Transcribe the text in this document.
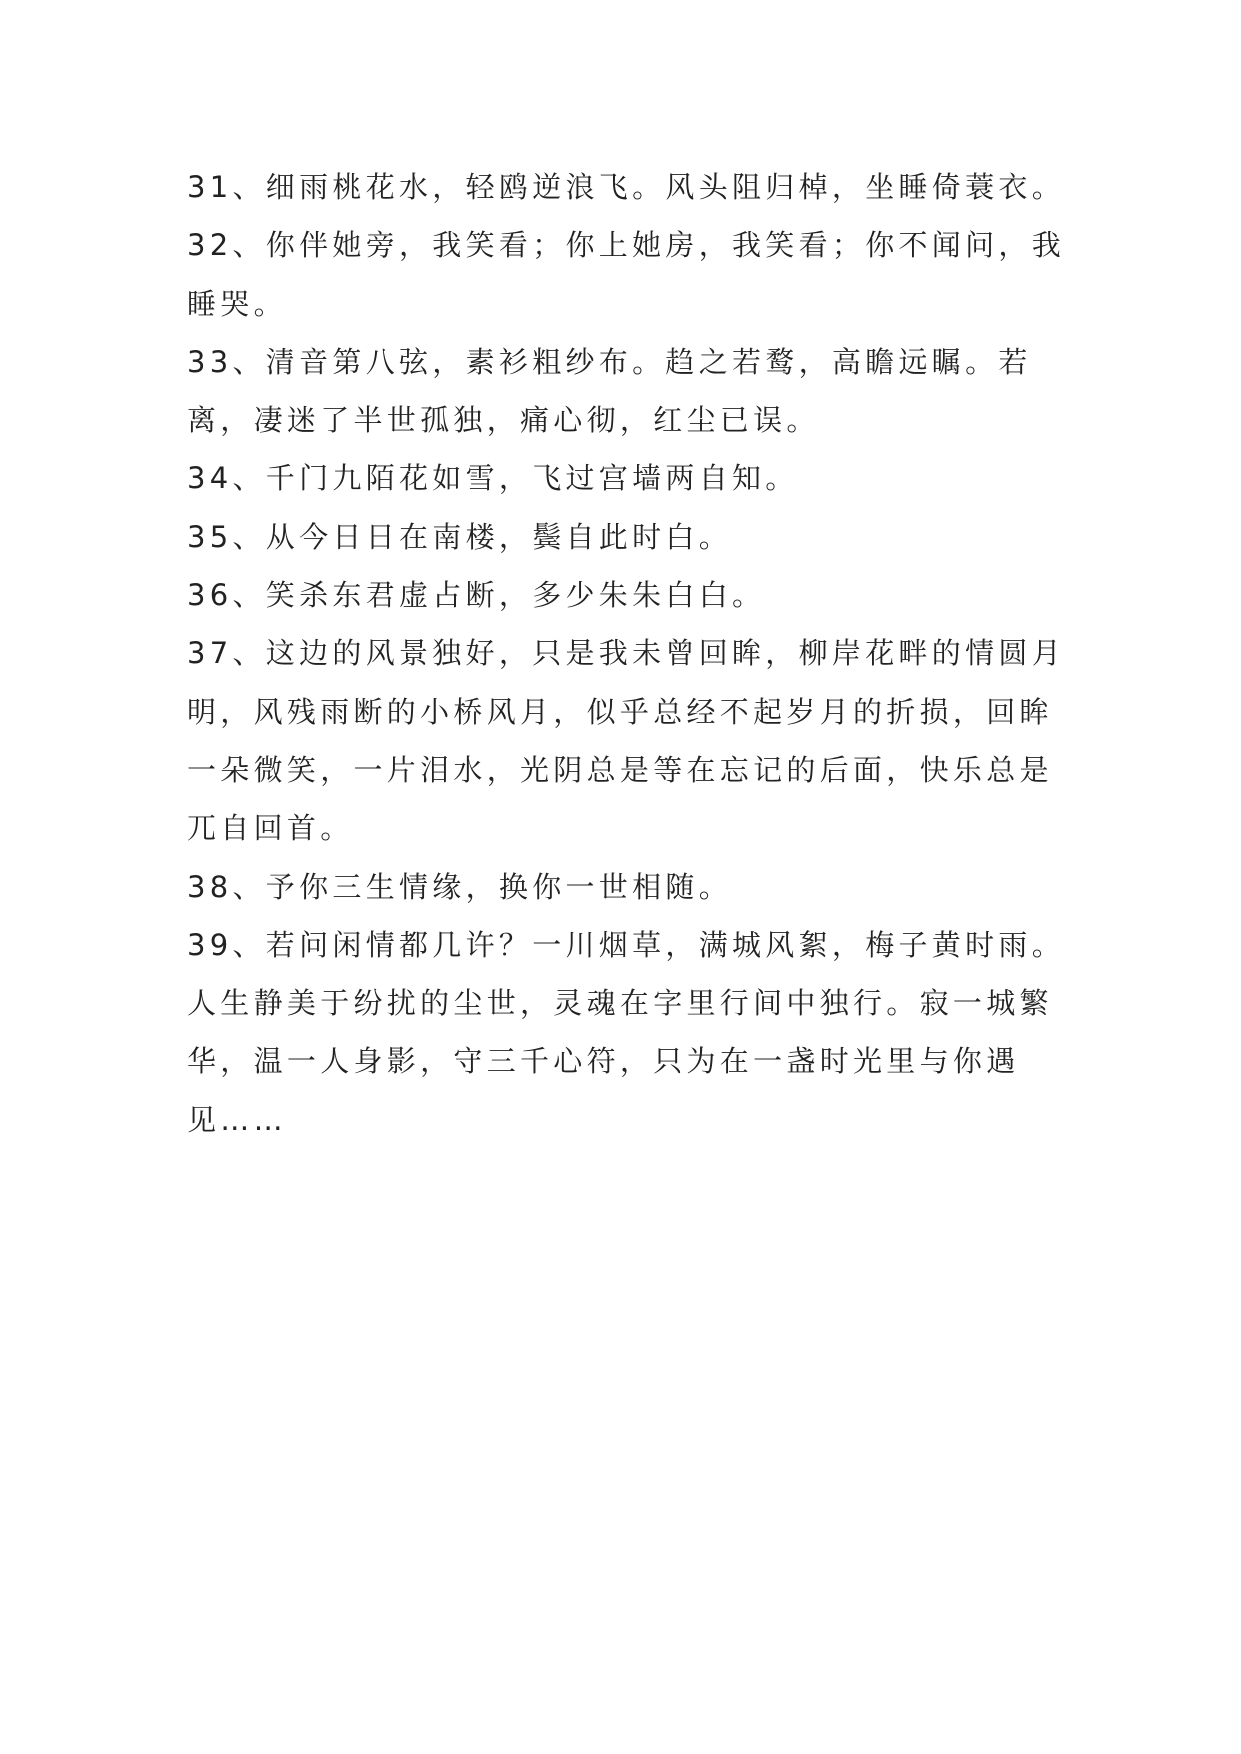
31、细雨桃花水，轻鸥逆浪飞。风头阻归棹，坐睡倚蓑衣。

32、你伴她旁，我笑看；你上她房，我笑看；你不闻问，我睡哭。

33、清音第八弦，素衫粗纱布。趋之若鹜，高瞻远瞩。若离，凄迷了半世孤独，痛心彻，红尘已误。

34、千门九陌花如雪，飞过宫墙两自知。

35、从今日日在南楼，鬓自此时白。

36、笑杀东君虚占断，多少朱朱白白。

37、这边的风景独好，只是我未曾回眸，柳岸花畔的情圆月明，风残雨断的小桥风月，似乎总经不起岁月的折损，回眸一朵微笑，一片泪水，光阴总是等在忘记的后面，快乐总是兀自回首。

38、予你三生情缘，换你一世相随。

39、若问闲情都几许？一川烟草，满城风絮，梅子黄时雨。人生静美于纷扰的尘世，灵魂在字里行间中独行。寂一城繁华，温一人身影，守三千心符，只为在一盏时光里与你遇见……
